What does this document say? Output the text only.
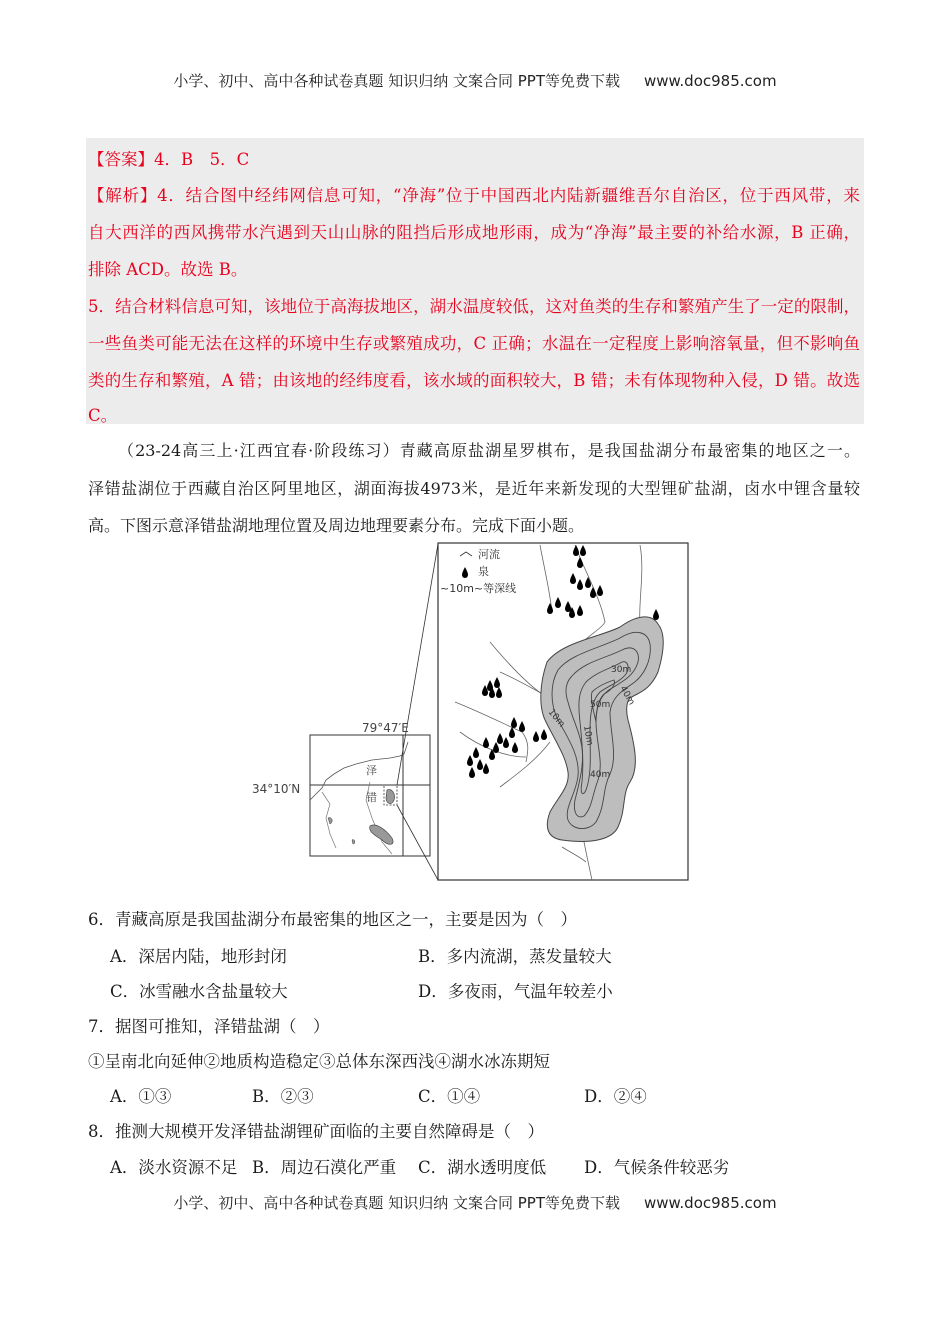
小学、初中、高中各种试卷真题 知识归纳 文案合同 PPT等免费下载 www.doc985.com
【答案】4．B　5．C
【解析】4．结合图中经纬网信息可知，“净海”位于中国西北内陆新疆维吾尔自治区，位于西风带，来
自大西洋的西风携带水汽遇到天山山脉的阻挡后形成地形雨，成为“净海”最主要的补给水源，B 正确，
排除 ACD。故选 B。
5．结合材料信息可知，该地位于高海拔地区，湖水温度较低，这对鱼类的生存和繁殖产生了一定的限制，
一些鱼类可能无法在这样的环境中生存或繁殖成功，C 正确；水温在一定程度上影响溶氧量，但不影响鱼
类的生存和繁殖，A 错；由该地的经纬度看，该水域的面积较大，B 错；未有体现物种入侵，D 错。故选
C。
（23-24高三上·江西宜春·阶段练习）青藏高原盐湖星罗棋布，是我国盐湖分布最密集的地区之一。
泽错盐湖位于西藏自治区阿里地区，湖面海拔4973米，是近年来新发现的大型锂矿盐湖，卤水中锂含量较
高。下图示意泽错盐湖地理位置及周边地理要素分布。完成下面小题。
30m
40m
50m
40m
10m
10m
河流
泉
~10m~等深线
79°47′E
泽
错
34°10′N
6．青藏高原是我国盐湖分布最密集的地区之一，主要是因为（　）
A．深居内陆，地形封闭	B．多内流湖，蒸发量较大
C．冰雪融水含盐量较大	D．多夜雨，气温年较差小
7．据图可推知，泽错盐湖（　）
①呈南北向延伸②地质构造稳定③总体东深西浅④湖水冰冻期短
A．①③	B．②③	C．①④	D．②④
8．推测大规模开发泽错盐湖锂矿面临的主要自然障碍是（　）
A．淡水资源不足 B．周边石漠化严重 C．湖水透明度低 D．气候条件较恶劣
小学、初中、高中各种试卷真题 知识归纳 文案合同 PPT等免费下载 www.doc985.com
